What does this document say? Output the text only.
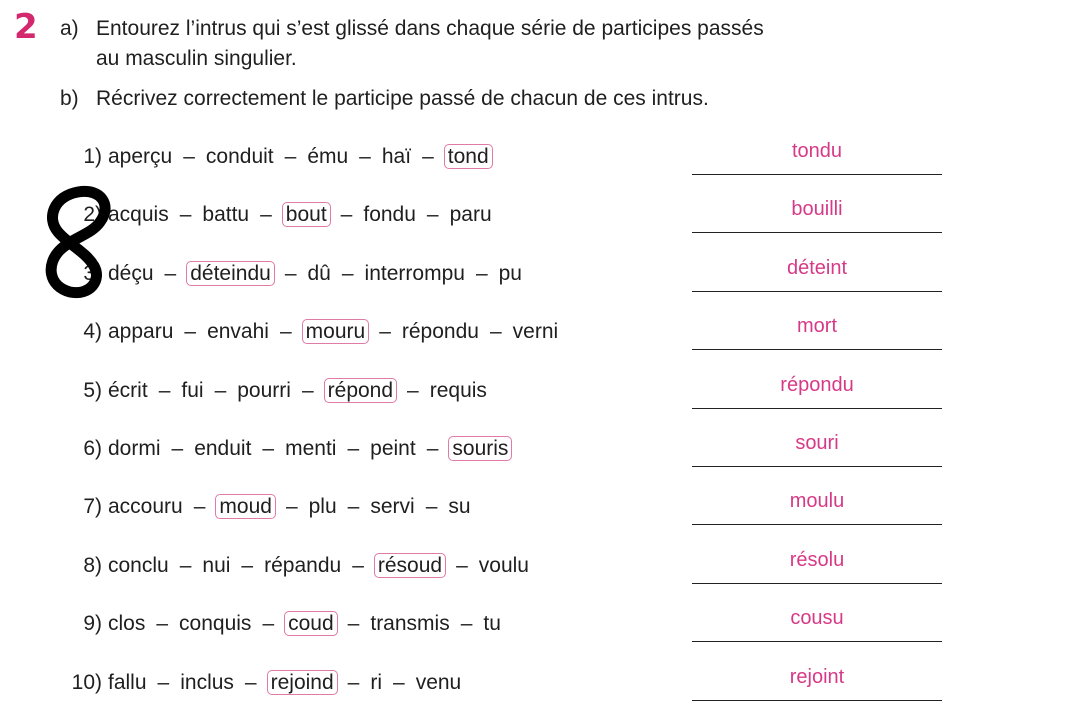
2 a) Entourez l’intrus qui s’est glissé dans chaque série de participes passés
au masculin singulier.
b) Récrivez correctement le participe passé de chacun de ces intrus.
1) aperçu – conduit – ému – haï – tond	tondu
2) acquis – battu – bout – fondu – paru	bouilli
3) déçu – déteindu – dû – interrompu – pu	déteint
4) apparu – envahi – mouru – répondu – verni	mort
5) écrit – fui – pourri – répond – requis	répondu
6) dormi – enduit – menti – peint – souris	souri
7) accouru – moud – plu – servi – su	moulu
8) conclu – nui – répandu – résoud – voulu	résolu
9) clos – conquis – coud – transmis – tu	cousu
10) fallu – inclus – rejoind – ri – venu	rejoint
